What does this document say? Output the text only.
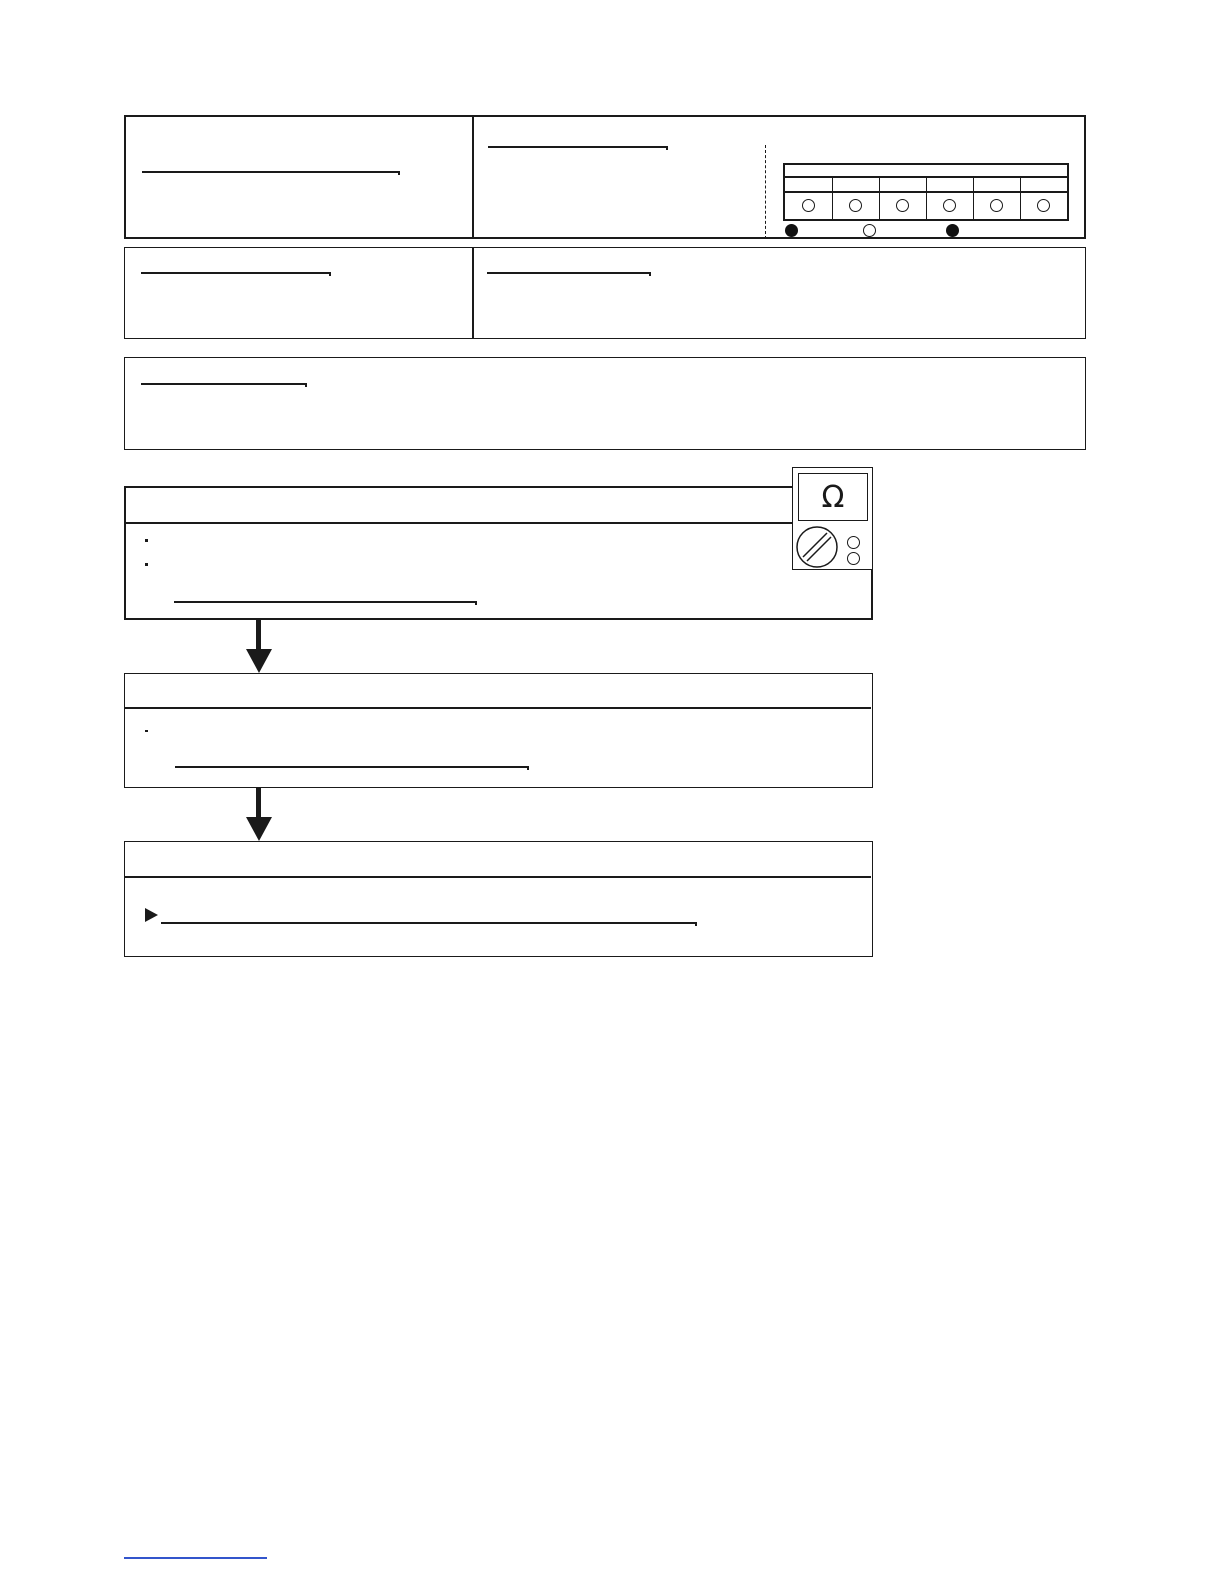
Ω
